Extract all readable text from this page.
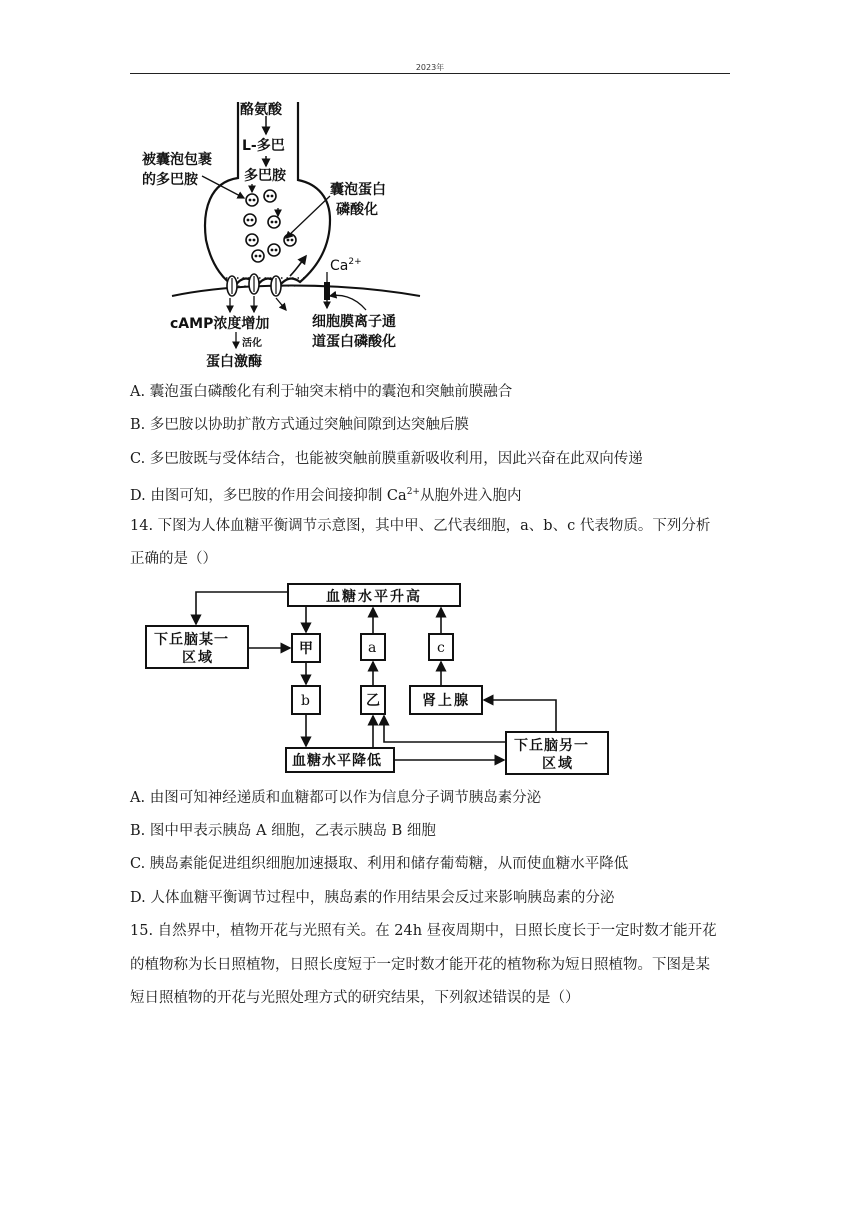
2023年
酪氨酸
L-多巴
多巴胺
被囊泡包裹
的多巴胺
囊泡蛋白
磷酸化
$Ca^{2+}$
cAMP浓度增加
活化
蛋白激酶
细胞膜离子通
道蛋白磷酸化
A. 囊泡蛋白磷酸化有利于轴突末梢中的囊泡和突触前膜融合
B. 多巴胺以协助扩散方式通过突触间隙到达突触后膜
C. 多巴胺既与受体结合，也能被突触前膜重新吸收利用，因此兴奋在此双向传递
D. 由图可知，多巴胺的作用会间接抑制 $Ca^{2+}$从胞外进入胞内
14. 下图为人体血糖平衡调节示意图，其中甲、乙代表细胞，a、b、c 代表物质。下列分析
正确的是（）
血糖水平升高
下丘脑某一
区域
甲	a	c
b	乙	肾上腺
血糖水平降低
下丘脑另一
区域
A. 由图可知神经递质和血糖都可以作为信息分子调节胰岛素分泌
B. 图中甲表示胰岛 A 细胞，乙表示胰岛 B 细胞
C. 胰岛素能促进组织细胞加速摄取、利用和储存葡萄糖，从而使血糖水平降低
D. 人体血糖平衡调节过程中，胰岛素的作用结果会反过来影响胰岛素的分泌
15. 自然界中，植物开花与光照有关。在 24h 昼夜周期中，日照长度长于一定时数才能开花
的植物称为长日照植物，日照长度短于一定时数才能开花的植物称为短日照植物。下图是某
短日照植物的开花与光照处理方式的研究结果，下列叙述错误的是（）
